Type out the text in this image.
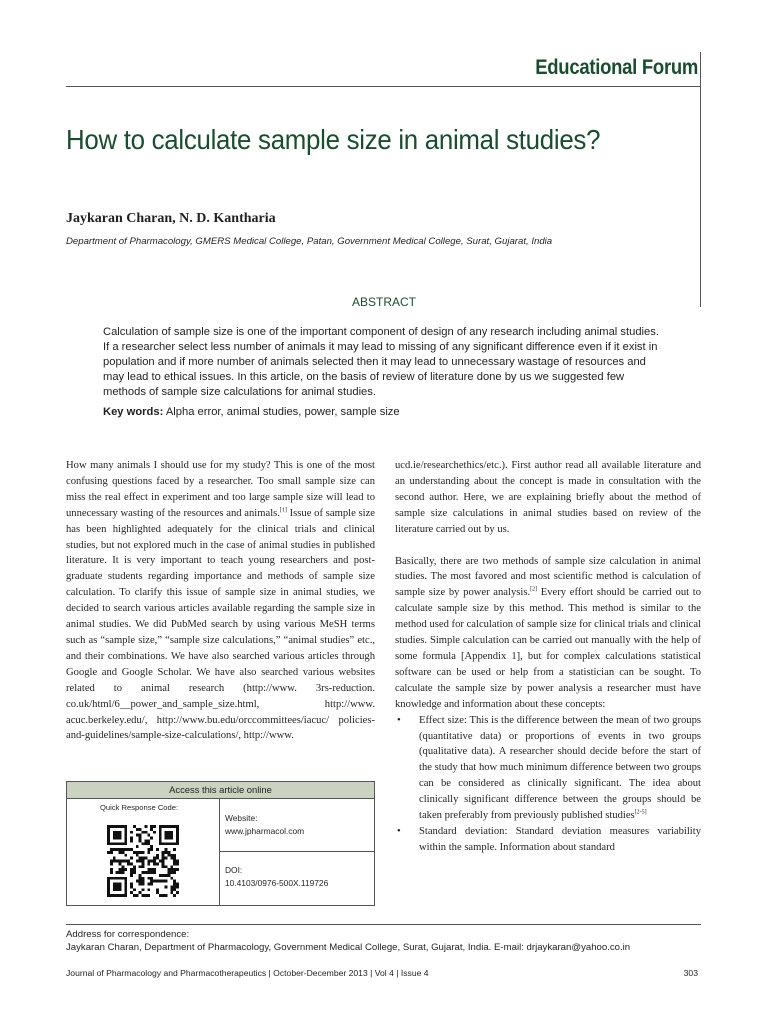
Educational Forum
How to calculate sample size in animal studies?
Jaykaran Charan, N. D. Kantharia
Department of Pharmacology, GMERS Medical College, Patan, Government Medical College, Surat, Gujarat, India
ABSTRACT
Calculation of sample size is one of the important component of design of any research including animal studies. If a researcher select less number of animals it may lead to missing of any significant difference even if it exist in population and if more number of animals selected then it may lead to unnecessary wastage of resources and may lead to ethical issues. In this article, on the basis of review of literature done by us we suggested few methods of sample size calculations for animal studies.
Key words: Alpha error, animal studies, power, sample size

How many animals I should use for my study? This is one of the most confusing questions faced by a researcher. Too small sample size can miss the real effect in experiment and too large sample size will lead to unnecessary wasting of the resources and animals.[1] Issue of sample size has been highlighted adequately for the clinical trials and clinical studies, but not explored much in the case of animal studies in published literature. It is very important to teach young researchers and post-graduate students regarding importance and methods of sample size calculation. To clarify this issue of sample size in animal studies, we decided to search various articles available regarding the sample size in animal studies. We did PubMed search by using various MeSH terms such as “sample size,” “sample size calculations,” “animal studies” etc., and their combinations. We have also searched various articles through Google and Google Scholar. We have also searched various websites related to animal research (http://www. 3rs-reduction. co.uk/html/6__power_and_sample_size.html, http://www. acuc.berkeley.edu/, http://www.bu.edu/orccommittees/iacuc/ policies- and-guidelines/sample-size-calculations/, http://www.

ucd.ie/researchethics/etc.). First author read all available literature and an understanding about the concept is made in consultation with the second author. Here, we are explaining briefly about the method of sample size calculations in animal studies based on review of the literature carried out by us.

Basically, there are two methods of sample size calculation in animal studies. The most favored and most scientific method is calculation of sample size by power analysis.[2] Every effort should be carried out to calculate sample size by this method. This method is similar to the method used for calculation of sample size for clinical trials and clinical studies. Simple calculation can be carried out manually with the help of some formula [Appendix 1], but for complex calculations statistical software can be used or help from a statistician can be sought. To calculate the sample size by power analysis a researcher must have knowledge and information about these concepts:

• Effect size: This is the difference between the mean of two groups (quantitative data) or proportions of events in two groups (qualitative data). A researcher should decide before the start of the study that how much minimum difference between two groups can be considered as clinically significant. The idea about clinically significant difference between the groups should be taken preferably from previously published studies[2-5]
• Standard deviation: Standard deviation measures variability within the sample. Information about standard
Access this article online
Quick Response Code:
Website:
www.jpharmacol.com
DOI:
10.4103/0976-500X.119726
Address for correspondence:
Jaykaran Charan, Department of Pharmacology, Government Medical College, Surat, Gujarat, India. E-mail: drjaykaran@yahoo.co.in
Journal of Pharmacology and Pharmacotherapeutics | October-December 2013 | Vol 4 | Issue 4	303
